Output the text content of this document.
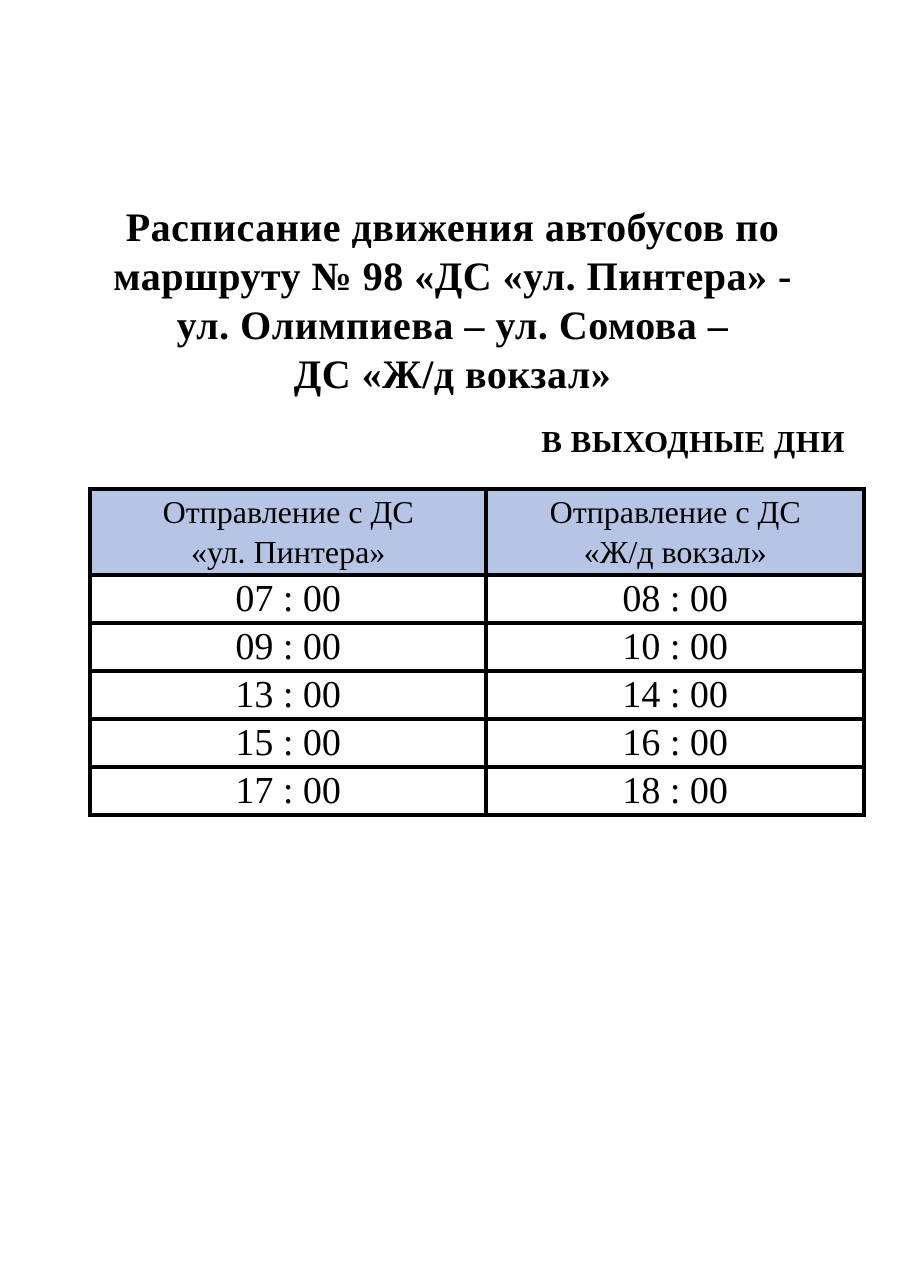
Расписание движения автобусов по
маршруту № 98 «ДС «ул. Пинтера» -
ул. Олимпиева – ул. Сомова –
ДС «Ж/д вокзал»
В ВЫХОДНЫЕ ДНИ
Отправление с ДС
«ул. Пинтера»	Отправление с ДС
«Ж/д вокзал»
07 : 00	08 : 00
09 : 00	10 : 00
13 : 00	14 : 00
15 : 00	16 : 00
17 : 00	18 : 00
